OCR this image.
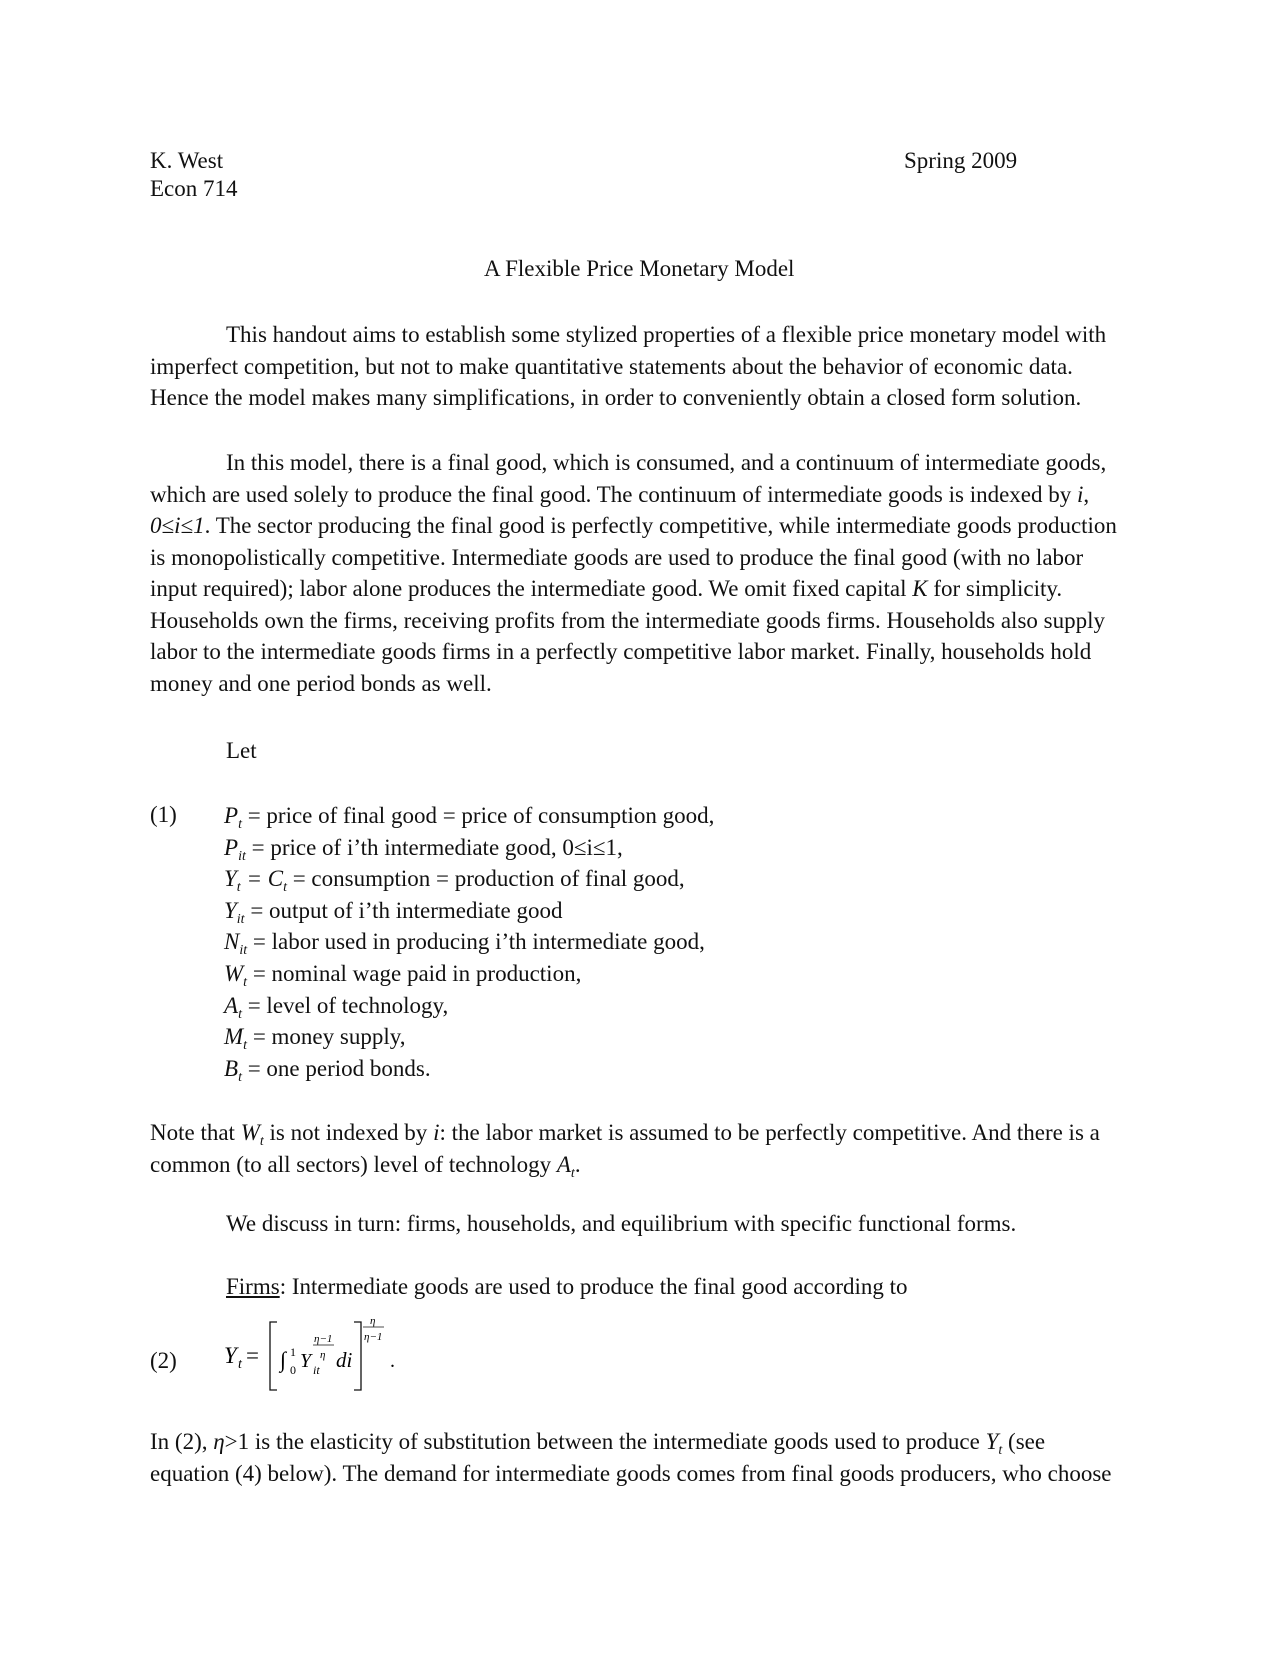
K. West
Econ 714
Spring 2009
A Flexible Price Monetary Model
This handout aims to establish some stylized properties of a flexible price monetary model with imperfect competition, but not to make quantitative statements about the behavior of economic data. Hence the model makes many simplifications, in order to conveniently obtain a closed form solution.
In this model, there is a final good, which is consumed, and a continuum of intermediate goods, which are used solely to produce the final good. The continuum of intermediate goods is indexed by i, 0≤i≤1. The sector producing the final good is perfectly competitive, while intermediate goods production is monopolistically competitive. Intermediate goods are used to produce the final good (with no labor input required); labor alone produces the intermediate good. We omit fixed capital K for simplicity. Households own the firms, receiving profits from the intermediate goods firms. Households also supply labor to the intermediate goods firms in a perfectly competitive labor market. Finally, households hold money and one period bonds as well.
Let
(1) $P_t$ = price of final good = price of consumption good,
$P_{it}$ = price of i’th intermediate good, 0≤i≤1,
$Y_t = C_t$ = consumption = production of final good,
$Y_{it}$ = output of i’th intermediate good
$N_{it}$ = labor used in producing i’th intermediate good,
$W_t$ = nominal wage paid in production,
$A_t$ = level of technology,
$M_t$ = money supply,
$B_t$ = one period bonds.
Note that $W_t$ is not indexed by i: the labor market is assumed to be perfectly competitive. And there is a common (to all sectors) level of technology $A_t$.
We discuss in turn: firms, households, and equilibrium with specific functional forms.
Firms: Intermediate goods are used to produce the final good according to
(2) Y t = ∫ 1
0 Y it
η−1
η di
η
η−1
.
In (2), η>1 is the elasticity of substitution between the intermediate goods used to produce $Y_t$ (see equation (4) below). The demand for intermediate goods comes from final goods producers, who choose
